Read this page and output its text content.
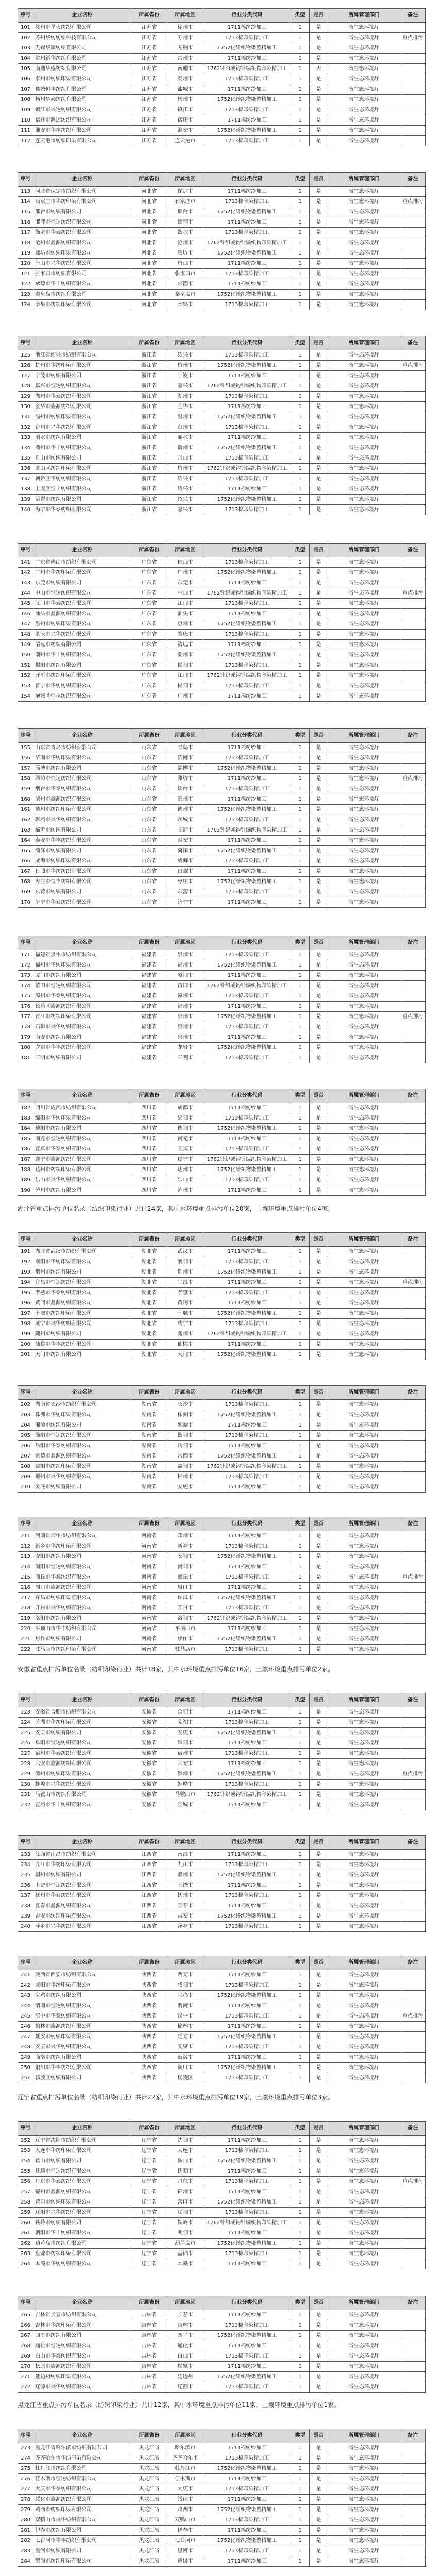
序号	企业名称	所属省份	所属地区	行业分类代码	类型	是否	所属管理部门	备注
101	徐州市星火纺织有限公司	江苏省	徐州市	1711棉纺纱加工	1	是	省生态环境厅	
102	苏州华纺纺织科技有限公司	江苏省	苏州市	1713棉印染精加工	1	是	省生态环境厅	重点排污
103	无锡华新纺织有限公司	江苏省	无锡市	1752化纤织物染整精加工	1	是	省生态环境厅	
104	常州新华纺织有限公司	江苏省	常州市	1711棉纺纱加工	1	是	省生态环境厅	
105	南通华盛纺织有限公司	江苏省	南通市	1762针织或钩针编织物印染精加工	1	否	省生态环境厅	
106	泰州市纺织印染有限公司	江苏省	泰州市	1713棉印染精加工	1	是	省生态环境厅	
107	盐城恒丰纺织有限公司	江苏省	盐城市	1711棉纺纱加工	1	是	省生态环境厅	
108	扬州华泰纺织有限公司	江苏省	扬州市	1752化纤织物染整精加工	1	是	省生态环境厅	
109	镇江市兴达纺织有限公司	江苏省	镇江市	1713棉印染精加工	1	是	省生态环境厅	
110	宿迁市鸿运纺织有限公司	江苏省	宿迁市	1711棉纺纱加工	1	是	省生态环境厅	
111	淮安市华丰纺织有限公司	江苏省	淮安市	1752化纤织物染整精加工	1	是	省生态环境厅	
112	连云港市纺织印染有限公司	江苏省	连云港市	1713棉印染精加工	1	是	省生态环境厅	
序号	企业名称	所属省份	所属地区	行业分类代码	类型	是否	所属管理部门	备注
113	河北省保定市纺织有限公司	河北省	保定市	1711棉纺纱加工	1	是	省生态环境厅	
114	石家庄市华纺印染有限公司	河北省	石家庄市	1713棉印染精加工	1	是	省生态环境厅	重点排污
115	邢台市纺织有限公司	河北省	邢台市	1752化纤织物染整精加工	1	是	省生态环境厅	
116	邯郸市恒达纺织有限公司	河北省	邯郸市	1711棉纺纱加工	1	是	省生态环境厅	
117	衡水市华泰纺织有限公司	河北省	衡水市	1713棉印染精加工	1	是	省生态环境厅	
118	沧州市鑫源纺织有限公司	河北省	沧州市	1762针织或钩针编织物印染精加工	1	是	省生态环境厅	
119	廊坊市纺织印染有限公司	河北省	廊坊市	1752化纤织物染整精加工	1	是	省生态环境厅	
120	唐山市兴华纺织有限公司	河北省	唐山市	1711棉纺纱加工	1	是	省生态环境厅	
121	张家口市纺织有限公司	河北省	张家口市	1713棉印染精加工	1	是	省生态环境厅	
122	承德市华丰纺织有限公司	河北省	承德市	1711棉纺纱加工	1	是	省生态环境厅	
123	秦皇岛市纺织有限公司	河北省	秦皇岛市	1752化纤织物染整精加工	1	是	省生态环境厅	
124	辛集市纺织印染有限公司	河北省	辛集市	1713棉印染精加工	1	是	省生态环境厅	
序号	企业名称	所属省份	所属地区	行业分类代码	类型	是否	所属管理部门	备注
125	浙江省绍兴市纺织有限公司	浙江省	绍兴市	1713棉印染精加工	1	是	省生态环境厅	
126	杭州市华纺印染有限公司	浙江省	杭州市	1752化纤织物染整精加工	1	是	省生态环境厅	重点排污
127	宁波市纺织有限公司	浙江省	宁波市	1711棉纺纱加工	1	是	省生态环境厅	
128	嘉兴市恒达纺织有限公司	浙江省	嘉兴市	1762针织或钩针编织物印染精加工	1	是	省生态环境厅	
129	湖州市华泰纺织有限公司	浙江省	湖州市	1713棉印染精加工	1	是	省生态环境厅	
130	金华市鑫源纺织有限公司	浙江省	金华市	1711棉纺纱加工	1	是	省生态环境厅	
131	温州市纺织印染有限公司	浙江省	温州市	1752化纤织物染整精加工	1	是	省生态环境厅	
132	台州市兴华纺织有限公司	浙江省	台州市	1713棉印染精加工	1	是	省生态环境厅	
133	丽水市纺织有限公司	浙江省	丽水市	1711棉纺纱加工	1	是	省生态环境厅	
134	衢州市华丰纺织有限公司	浙江省	衢州市	1752化纤织物染整精加工	1	是	省生态环境厅	
135	舟山市纺织有限公司	浙江省	舟山市	1713棉印染精加工	1	是	省生态环境厅	
136	萧山区纺织印染有限公司	浙江省	杭州市	1762针织或钩针编织物印染精加工	1	是	省生态环境厅	
137	柯桥区华纺纺织有限公司	浙江省	绍兴市	1713棉印染精加工	1	是	省生态环境厅	
138	上虞区恒丰纺织有限公司	浙江省	绍兴市	1711棉纺纱加工	1	是	省生态环境厅	
139	诸暨市纺织有限公司	浙江省	绍兴市	1752化纤织物染整精加工	1	是	省生态环境厅	
140	海宁市华泰纺织有限公司	浙江省	嘉兴市	1713棉印染精加工	1	是	省生态环境厅	
序号	企业名称	所属省份	所属地区	行业分类代码	类型	是否	所属管理部门	备注
141	广东省佛山市纺织有限公司	广东省	佛山市	1713棉印染精加工	1	是	省生态环境厅	
142	广州市华纺印染有限公司	广东省	广州市	1752化纤织物染整精加工	1	是	省生态环境厅	
143	东莞市纺织有限公司	广东省	东莞市	1711棉纺纱加工	1	是	省生态环境厅	
144	中山市恒达纺织有限公司	广东省	中山市	1762针织或钩针编织物印染精加工	1	是	省生态环境厅	重点排污
145	江门市华泰纺织有限公司	广东省	江门市	1713棉印染精加工	1	是	省生态环境厅	
146	汕头市鑫源纺织有限公司	广东省	汕头市	1711棉纺纱加工	1	是	省生态环境厅	
147	惠州市纺织印染有限公司	广东省	惠州市	1752化纤织物染整精加工	1	是	省生态环境厅	
148	肇庆市兴华纺织有限公司	广东省	肇庆市	1713棉印染精加工	1	是	省生态环境厅	
149	清远市纺织有限公司	广东省	清远市	1711棉纺纱加工	1	是	省生态环境厅	
150	潮州市华丰纺织有限公司	广东省	潮州市	1752化纤织物染整精加工	1	是	省生态环境厅	
151	揭阳市纺织有限公司	广东省	揭阳市	1713棉印染精加工	1	是	省生态环境厅	
152	开平市纺织印染有限公司	广东省	江门市	1762针织或钩针编织物印染精加工	1	是	省生态环境厅	
153	普宁市华纺纺织有限公司	广东省	揭阳市	1713棉印染精加工	1	是	省生态环境厅	
154	增城区恒丰纺织有限公司	广东省	广州市	1711棉纺纱加工	1	是	省生态环境厅	
序号	企业名称	所属省份	所属地区	行业分类代码	类型	是否	所属管理部门	备注
155	山东省青岛市纺织有限公司	山东省	青岛市	1711棉纺纱加工	1	是	省生态环境厅	
156	济南市华纺印染有限公司	山东省	济南市	1713棉印染精加工	1	是	省生态环境厅	
157	淄博市纺织有限公司	山东省	淄博市	1752化纤织物染整精加工	1	是	省生态环境厅	
158	潍坊市恒达纺织有限公司	山东省	潍坊市	1711棉纺纱加工	1	是	省生态环境厅	重点排污
159	烟台市华泰纺织有限公司	山东省	烟台市	1713棉印染精加工	1	是	省生态环境厅	
160	滨州市鑫源纺织有限公司	山东省	滨州市	1711棉纺纱加工	1	是	省生态环境厅	
161	德州市纺织印染有限公司	山东省	德州市	1752化纤织物染整精加工	1	是	省生态环境厅	
162	聊城市兴华纺织有限公司	山东省	聊城市	1713棉印染精加工	1	是	省生态环境厅	
163	临沂市纺织有限公司	山东省	临沂市	1762针织或钩针编织物印染精加工	1	是	省生态环境厅	
164	泰安市华丰纺织有限公司	山东省	泰安市	1711棉纺纱加工	1	是	省生态环境厅	
165	菏泽市纺织有限公司	山东省	菏泽市	1752化纤织物染整精加工	1	是	省生态环境厅	
166	威海市纺织印染有限公司	山东省	威海市	1713棉印染精加工	1	是	省生态环境厅	
167	日照市华纺纺织有限公司	山东省	日照市	1711棉纺纱加工	1	是	省生态环境厅	
168	枣庄市恒丰纺织有限公司	山东省	枣庄市	1752化纤织物染整精加工	1	是	省生态环境厅	
169	东营市纺织有限公司	山东省	东营市	1713棉印染精加工	1	是	省生态环境厅	
170	济宁市华泰纺织有限公司	山东省	济宁市	1711棉纺纱加工	1	是	省生态环境厅	
序号	企业名称	所属省份	所属地区	行业分类代码	类型	是否	所属管理部门	备注
171	福建省泉州市纺织有限公司	福建省	泉州市	1713棉印染精加工	1	是	省生态环境厅	
172	福州市华纺印染有限公司	福建省	福州市	1752化纤织物染整精加工	1	是	省生态环境厅	
173	厦门市纺织有限公司	福建省	厦门市	1711棉纺纱加工	1	是	省生态环境厅	
174	莆田市恒达纺织有限公司	福建省	莆田市	1762针织或钩针编织物印染精加工	1	是	省生态环境厅	
175	漳州市华泰纺织有限公司	福建省	漳州市	1713棉印染精加工	1	是	省生态环境厅	
176	长乐区鑫源纺织有限公司	福建省	福州市	1711棉纺纱加工	1	是	省生态环境厅	
177	晋江市纺织印染有限公司	福建省	泉州市	1752化纤织物染整精加工	1	是	省生态环境厅	重点排污
178	石狮市兴华纺织有限公司	福建省	泉州市	1713棉印染精加工	1	是	省生态环境厅	
179	南安市纺织有限公司	福建省	泉州市	1711棉纺纱加工	1	是	省生态环境厅	
180	龙岩市华丰纺织有限公司	福建省	龙岩市	1752化纤织物染整精加工	1	是	省生态环境厅	
181	三明市纺织有限公司	福建省	三明市	1713棉印染精加工	1	是	省生态环境厅	
序号	企业名称	所属省份	所属地区	行业分类代码	类型	是否	所属管理部门	备注
182	四川省成都市纺织有限公司	四川省	成都市	1711棉纺纱加工	1	是	省生态环境厅	
183	绵阳市华纺印染有限公司	四川省	绵阳市	1713棉印染精加工	1	是	省生态环境厅	
184	德阳市纺织有限公司	四川省	德阳市	1752化纤织物染整精加工	1	是	省生态环境厅	
185	南充市恒达纺织有限公司	四川省	南充市	1711棉纺纱加工	1	是	省生态环境厅	
186	宜宾市华泰纺织有限公司	四川省	宜宾市	1713棉印染精加工	1	是	省生态环境厅	
187	遂宁市鑫源纺织有限公司	四川省	遂宁市	1762针织或钩针编织物印染精加工	1	是	省生态环境厅	
188	达州市纺织印染有限公司	四川省	达州市	1752化纤织物染整精加工	1	是	省生态环境厅	
189	乐山市兴华纺织有限公司	四川省	乐山市	1713棉印染精加工	1	是	省生态环境厅	
190	泸州市纺织有限公司	四川省	泸州市	1711棉纺纱加工	1	是	省生态环境厅	
湖北省重点排污单位名录（纺织印染行业）共计24家，其中水环境重点排污单位20家，土壤环境重点排污单位4家。
序号	企业名称	所属省份	所属地区	行业分类代码	类型	是否	所属管理部门	备注
191	湖北省武汉市纺织有限公司	湖北省	武汉市	1711棉纺纱加工	1	是	省生态环境厅	
192	襄阳市华纺印染有限公司	湖北省	襄阳市	1713棉印染精加工	1	是	省生态环境厅	
193	荆州市纺织有限公司	湖北省	荆州市	1752化纤织物染整精加工	1	是	省生态环境厅	
194	宜昌市恒达纺织有限公司	湖北省	宜昌市	1711棉纺纱加工	1	是	省生态环境厅	重点排污
195	孝感市华泰纺织有限公司	湖北省	孝感市	1713棉印染精加工	1	是	省生态环境厅	
196	黄冈市鑫源纺织有限公司	湖北省	黄冈市	1711棉纺纱加工	1	是	省生态环境厅	
197	十堰市纺织印染有限公司	湖北省	十堰市	1752化纤织物染整精加工	1	是	省生态环境厅	
198	咸宁市兴华纺织有限公司	湖北省	咸宁市	1713棉印染精加工	1	是	省生态环境厅	
199	随州市纺织有限公司	湖北省	随州市	1762针织或钩针编织物印染精加工	1	是	省生态环境厅	
200	仙桃市华丰纺织有限公司	湖北省	仙桃市	1711棉纺纱加工	1	是	省生态环境厅	
201	天门市纺织有限公司	湖北省	天门市	1752化纤织物染整精加工	1	是	省生态环境厅	
序号	企业名称	所属省份	所属地区	行业分类代码	类型	是否	所属管理部门	备注
202	湖南省长沙市纺织有限公司	湖南省	长沙市	1713棉印染精加工	1	是	省生态环境厅	
203	株洲市华纺印染有限公司	湖南省	株洲市	1752化纤织物染整精加工	1	是	省生态环境厅	
204	湘潭市纺织有限公司	湖南省	湘潭市	1711棉纺纱加工	1	是	省生态环境厅	
205	衡阳市恒达纺织有限公司	湖南省	衡阳市	1713棉印染精加工	1	是	省生态环境厅	
206	岳阳市华泰纺织有限公司	湖南省	岳阳市	1711棉纺纱加工	1	是	省生态环境厅	
207	常德市鑫源纺织有限公司	湖南省	常德市	1752化纤织物染整精加工	1	是	省生态环境厅	
208	益阳市纺织印染有限公司	湖南省	益阳市	1762针织或钩针编织物印染精加工	1	是	省生态环境厅	
209	郴州市兴华纺织有限公司	湖南省	郴州市	1713棉印染精加工	1	是	省生态环境厅	
210	娄底市纺织有限公司	湖南省	娄底市	1711棉纺纱加工	1	是	省生态环境厅	
序号	企业名称	所属省份	所属地区	行业分类代码	类型	是否	所属管理部门	备注
211	河南省郑州市纺织有限公司	河南省	郑州市	1711棉纺纱加工	1	是	省生态环境厅	
212	新乡市华纺印染有限公司	河南省	新乡市	1713棉印染精加工	1	是	省生态环境厅	
213	安阳市纺织有限公司	河南省	安阳市	1752化纤织物染整精加工	1	是	省生态环境厅	
214	南阳市恒达纺织有限公司	河南省	南阳市	1711棉纺纱加工	1	是	省生态环境厅	
215	商丘市华泰纺织有限公司	河南省	商丘市	1713棉印染精加工	1	是	省生态环境厅	重点排污
216	周口市鑫源纺织有限公司	河南省	周口市	1711棉纺纱加工	1	是	省生态环境厅	
217	许昌市纺织印染有限公司	河南省	许昌市	1752化纤织物染整精加工	1	是	省生态环境厅	
218	开封市兴华纺织有限公司	河南省	开封市	1713棉印染精加工	1	是	省生态环境厅	
219	洛阳市纺织有限公司	河南省	洛阳市	1762针织或钩针编织物印染精加工	1	是	省生态环境厅	
220	平顶山市华丰纺织有限公司	河南省	平顶山市	1711棉纺纱加工	1	是	省生态环境厅	
221	焦作市纺织有限公司	河南省	焦作市	1752化纤织物染整精加工	1	是	省生态环境厅	
222	驻马店市纺织印染有限公司	河南省	驻马店市	1713棉印染精加工	1	是	省生态环境厅	
安徽省重点排污单位名录（纺织印染行业）共计18家，其中水环境重点排污单位16家，土壤环境重点排污单位2家。
序号	企业名称	所属省份	所属地区	行业分类代码	类型	是否	所属管理部门	备注
223	安徽省合肥市纺织有限公司	安徽省	合肥市	1711棉纺纱加工	1	是	省生态环境厅	
224	芜湖市华纺印染有限公司	安徽省	芜湖市	1713棉印染精加工	1	是	省生态环境厅	
225	安庆市纺织有限公司	安徽省	安庆市	1752化纤织物染整精加工	1	是	省生态环境厅	
226	阜阳市恒达纺织有限公司	安徽省	阜阳市	1711棉纺纱加工	1	是	省生态环境厅	
227	宿州市华泰纺织有限公司	安徽省	宿州市	1713棉印染精加工	1	是	省生态环境厅	
228	六安市鑫源纺织有限公司	安徽省	六安市	1711棉纺纱加工	1	是	省生态环境厅	
229	滁州市纺织印染有限公司	安徽省	滁州市	1752化纤织物染整精加工	1	是	省生态环境厅	重点排污
230	蚌埠市兴华纺织有限公司	安徽省	蚌埠市	1713棉印染精加工	1	是	省生态环境厅	
231	马鞍山市纺织有限公司	安徽省	马鞍山市	1762针织或钩针编织物印染精加工	1	是	省生态环境厅	
232	宣城市华丰纺织有限公司	安徽省	宣城市	1711棉纺纱加工	1	是	省生态环境厅	
序号	企业名称	所属省份	所属地区	行业分类代码	类型	是否	所属管理部门	备注
233	江西省南昌市纺织有限公司	江西省	南昌市	1711棉纺纱加工	1	是	省生态环境厅	
234	九江市华纺印染有限公司	江西省	九江市	1713棉印染精加工	1	是	省生态环境厅	
235	赣州市纺织有限公司	江西省	赣州市	1752化纤织物染整精加工	1	是	省生态环境厅	
236	上饶市恒达纺织有限公司	江西省	上饶市	1711棉纺纱加工	1	是	省生态环境厅	
237	抚州市华泰纺织有限公司	江西省	抚州市	1713棉印染精加工	1	是	省生态环境厅	
238	宜春市鑫源纺织有限公司	江西省	宜春市	1711棉纺纱加工	1	是	省生态环境厅	
239	吉安市纺织印染有限公司	江西省	吉安市	1752化纤织物染整精加工	1	是	省生态环境厅	
240	萍乡市兴华纺织有限公司	江西省	萍乡市	1713棉印染精加工	1	是	省生态环境厅	
序号	企业名称	所属省份	所属地区	行业分类代码	类型	是否	所属管理部门	备注
241	陕西省西安市纺织有限公司	陕西省	西安市	1711棉纺纱加工	1	是	省生态环境厅	
242	咸阳市华纺印染有限公司	陕西省	咸阳市	1713棉印染精加工	1	是	省生态环境厅	
243	宝鸡市纺织有限公司	陕西省	宝鸡市	1752化纤织物染整精加工	1	是	省生态环境厅	
244	渭南市恒达纺织有限公司	陕西省	渭南市	1711棉纺纱加工	1	是	省生态环境厅	
245	汉中市华泰纺织有限公司	陕西省	汉中市	1713棉印染精加工	1	是	省生态环境厅	重点排污
246	榆林市鑫源纺织有限公司	陕西省	榆林市	1711棉纺纱加工	1	是	省生态环境厅	
247	延安市纺织印染有限公司	陕西省	延安市	1752化纤织物染整精加工	1	是	省生态环境厅	
248	安康市兴华纺织有限公司	陕西省	安康市	1713棉印染精加工	1	是	省生态环境厅	
249	商洛市纺织有限公司	陕西省	商洛市	1711棉纺纱加工	1	是	省生态环境厅	
250	铜川市华丰纺织有限公司	陕西省	铜川市	1752化纤织物染整精加工	1	是	省生态环境厅	
251	杨凌区纺织有限公司	陕西省	杨凌区	1713棉印染精加工	1	是	省生态环境厅	
辽宁省重点排污单位名录（纺织印染行业）共计22家，其中水环境重点排污单位19家，土壤环境重点排污单位3家。
序号	企业名称	所属省份	所属地区	行业分类代码	类型	是否	所属管理部门	备注
252	辽宁省沈阳市纺织有限公司	辽宁省	沈阳市	1711棉纺纱加工	1	是	省生态环境厅	
253	大连市华纺印染有限公司	辽宁省	大连市	1713棉印染精加工	1	是	省生态环境厅	
254	鞍山市纺织有限公司	辽宁省	鞍山市	1752化纤织物染整精加工	1	是	省生态环境厅	
255	抚顺市恒达纺织有限公司	辽宁省	抚顺市	1711棉纺纱加工	1	是	省生态环境厅	
256	丹东市华泰纺织有限公司	辽宁省	丹东市	1713棉印染精加工	1	是	省生态环境厅	重点排污
257	锦州市鑫源纺织有限公司	辽宁省	锦州市	1711棉纺纱加工	1	是	省生态环境厅	
258	营口市纺织印染有限公司	辽宁省	营口市	1752化纤织物染整精加工	1	是	省生态环境厅	
259	辽阳市兴华纺织有限公司	辽宁省	辽阳市	1713棉印染精加工	1	是	省生态环境厅	
260	铁岭市纺织有限公司	辽宁省	铁岭市	1762针织或钩针编织物印染精加工	1	是	省生态环境厅	
261	朝阳市华丰纺织有限公司	辽宁省	朝阳市	1711棉纺纱加工	1	是	省生态环境厅	
262	葫芦岛市纺织有限公司	辽宁省	葫芦岛市	1752化纤织物染整精加工	1	是	省生态环境厅	
263	盘锦市纺织印染有限公司	辽宁省	盘锦市	1713棉印染精加工	1	是	省生态环境厅	
264	本溪市华纺纺织有限公司	辽宁省	本溪市	1711棉纺纱加工	1	是	省生态环境厅	
序号	企业名称	所属省份	所属地区	行业分类代码	类型	是否	所属管理部门	备注
265	吉林省长春市纺织有限公司	吉林省	长春市	1711棉纺纱加工	1	是	省生态环境厅	
266	吉林市华纺印染有限公司	吉林省	吉林市	1713棉印染精加工	1	是	省生态环境厅	
267	四平市纺织有限公司	吉林省	四平市	1752化纤织物染整精加工	1	是	省生态环境厅	
268	通化市恒达纺织有限公司	吉林省	通化市	1711棉纺纱加工	1	是	省生态环境厅	
269	白山市华泰纺织有限公司	吉林省	白山市	1713棉印染精加工	1	是	省生态环境厅	
270	松原市鑫源纺织有限公司	吉林省	松原市	1711棉纺纱加工	1	是	省生态环境厅	
271	延边州纺织印染有限公司	吉林省	延边州	1752化纤织物染整精加工	1	是	省生态环境厅	
272	辽源市兴华纺织有限公司	吉林省	辽源市	1713棉印染精加工	1	是	省生态环境厅	
黑龙江省重点排污单位名录（纺织印染行业）共计12家，其中水环境重点排污单位11家，土壤环境重点排污单位1家。
序号	企业名称	所属省份	所属地区	行业分类代码	类型	是否	所属管理部门	备注
273	黑龙江省哈尔滨市纺织有限公司	黑龙江省	哈尔滨市	1711棉纺纱加工	1	是	省生态环境厅	
274	齐齐哈尔市华纺印染有限公司	黑龙江省	齐齐哈尔市	1713棉印染精加工	1	是	省生态环境厅	
275	牡丹江市纺织有限公司	黑龙江省	牡丹江市	1752化纤织物染整精加工	1	是	省生态环境厅	
276	佳木斯市恒达纺织有限公司	黑龙江省	佳木斯市	1711棉纺纱加工	1	是	省生态环境厅	
277	大庆市华泰纺织有限公司	黑龙江省	大庆市	1713棉印染精加工	1	是	省生态环境厅	
278	绥化市鑫源纺织有限公司	黑龙江省	绥化市	1711棉纺纱加工	1	是	省生态环境厅	
279	鸡西市纺织印染有限公司	黑龙江省	鸡西市	1752化纤织物染整精加工	1	是	省生态环境厅	
280	双鸭山市兴华纺织有限公司	黑龙江省	双鸭山市	1713棉印染精加工	1	是	省生态环境厅	
281	伊春市纺织有限公司	黑龙江省	伊春市	1711棉纺纱加工	1	是	省生态环境厅	
282	七台河市华丰纺织有限公司	黑龙江省	七台河市	1752化纤织物染整精加工	1	是	省生态环境厅	
283	黑河市纺织有限公司	黑龙江省	黑河市	1713棉印染精加工	1	是	省生态环境厅	
284	鹤岗市纺织印染有限公司	黑龙江省	鹤岗市	1711棉纺纱加工	1	是	省生态环境厅	
